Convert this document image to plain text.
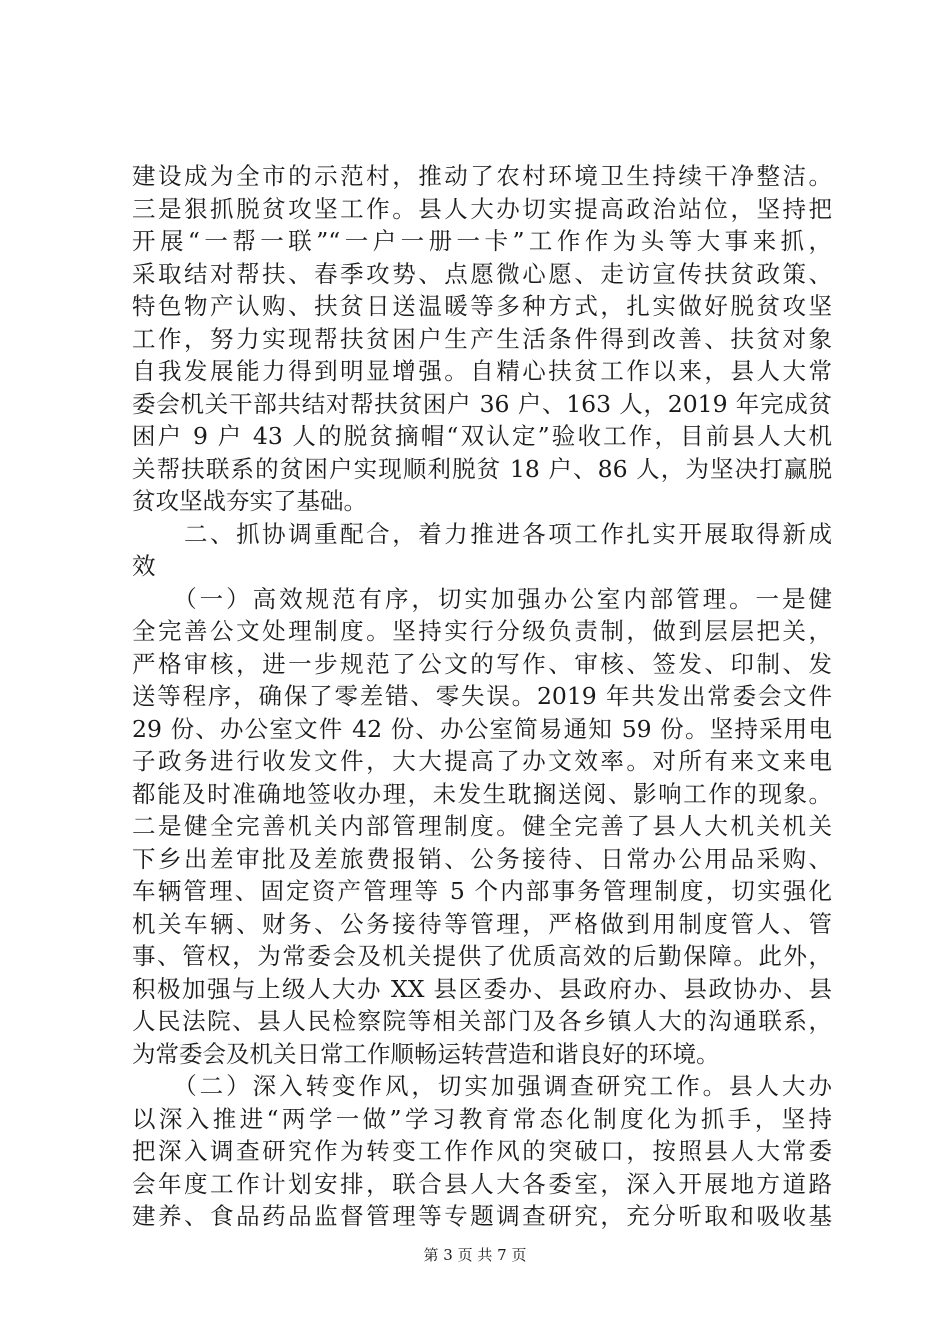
建设成为全市的示范村，推动了农村环境卫生持续干净整洁。
三是狠抓脱贫攻坚工作。县人大办切实提高政治站位，坚持把
开展“一帮一联”“一户一册一卡”工作作为头等大事来抓，
采取结对帮扶、春季攻势、点愿微心愿、走访宣传扶贫政策、
特色物产认购、扶贫日送温暖等多种方式，扎实做好脱贫攻坚
工作，努力实现帮扶贫困户生产生活条件得到改善、扶贫对象
自我发展能力得到明显增强。自精心扶贫工作以来，县人大常
委会机关干部共结对帮扶贫困户 36 户、163 人，2019 年完成贫
困户 9 户 43 人的脱贫摘帽“双认定”验收工作，目前县人大机
关帮扶联系的贫困户实现顺利脱贫 18 户、86 人，为坚决打赢脱
贫攻坚战夯实了基础。
　　二、抓协调重配合，着力推进各项工作扎实开展取得新成
效
　　（一）高效规范有序，切实加强办公室内部管理。一是健
全完善公文处理制度。坚持实行分级负责制，做到层层把关，
严格审核，进一步规范了公文的写作、审核、签发、印制、发
送等程序，确保了零差错、零失误。2019 年共发出常委会文件
29 份、办公室文件 42 份、办公室简易通知 59 份。坚持采用电
子政务进行收发文件，大大提高了办文效率。对所有来文来电
都能及时准确地签收办理，未发生耽搁送阅、影响工作的现象。
二是健全完善机关内部管理制度。健全完善了县人大机关机关
下乡出差审批及差旅费报销、公务接待、日常办公用品采购、
车辆管理、固定资产管理等 5 个内部事务管理制度，切实强化
机关车辆、财务、公务接待等管理，严格做到用制度管人、管
事、管权，为常委会及机关提供了优质高效的后勤保障。此外，
积极加强与上级人大办 XX 县区委办、县政府办、县政协办、县
人民法院、县人民检察院等相关部门及各乡镇人大的沟通联系，
为常委会及机关日常工作顺畅运转营造和谐良好的环境。
　　（二）深入转变作风，切实加强调查研究工作。县人大办
以深入推进“两学一做”学习教育常态化制度化为抓手，坚持
把深入调查研究作为转变工作作风的突破口，按照县人大常委
会年度工作计划安排，联合县人大各委室，深入开展地方道路
建养、食品药品监督管理等专题调查研究，充分听取和吸收基
第 3 页 共 7 页
